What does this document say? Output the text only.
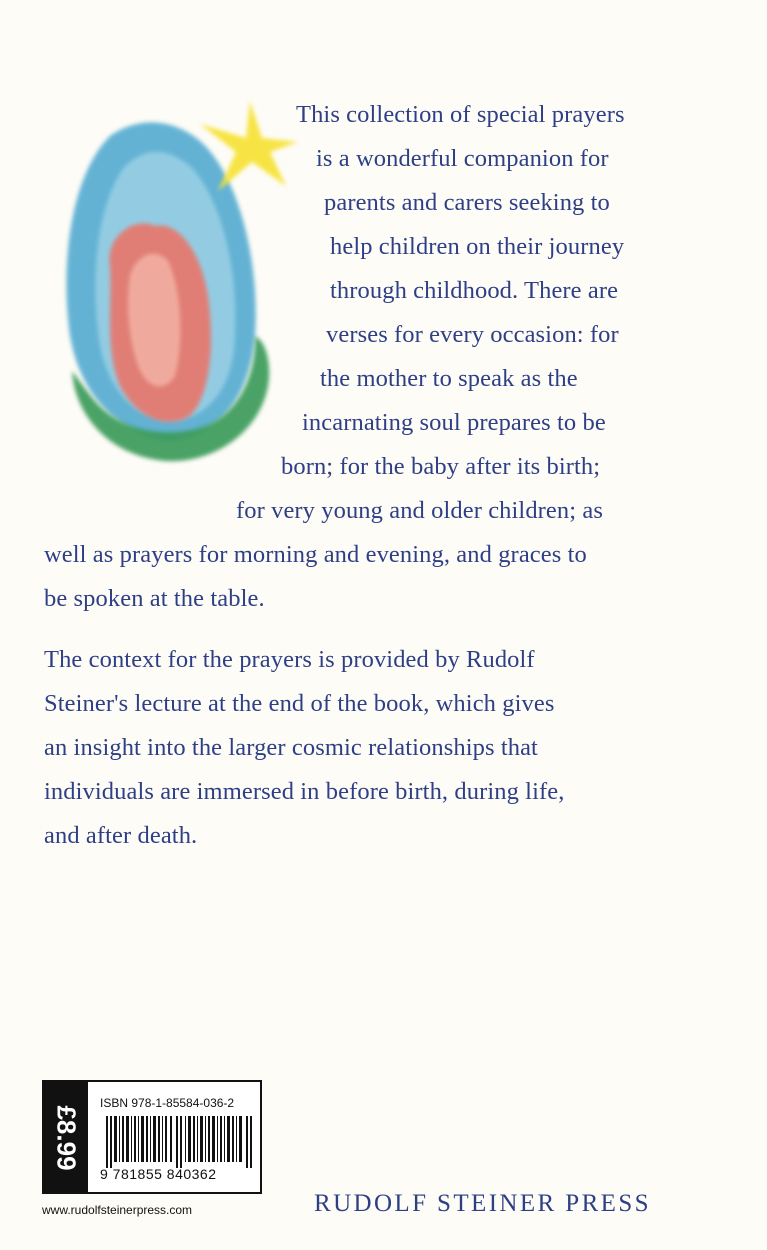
This collection of special prayers
is a wonderful companion for
parents and carers seeking to
help children on their journey
through childhood. There are
verses for every occasion: for
the mother to speak as the
incarnating soul prepares to be
born; for the baby after its birth;
for very young and older children; as
well as prayers for morning and evening, and graces to
be spoken at the table.
The context for the prayers is provided by Rudolf
Steiner's lecture at the end of the book, which gives
an insight into the larger cosmic relationships that
individuals are immersed in before birth, during life,
and after death.
£8.99
ISBN 978-1-85584-036-2
9 781855 840362
www.rudolfsteinerpress.com	RUDOLF STEINER PRESS
